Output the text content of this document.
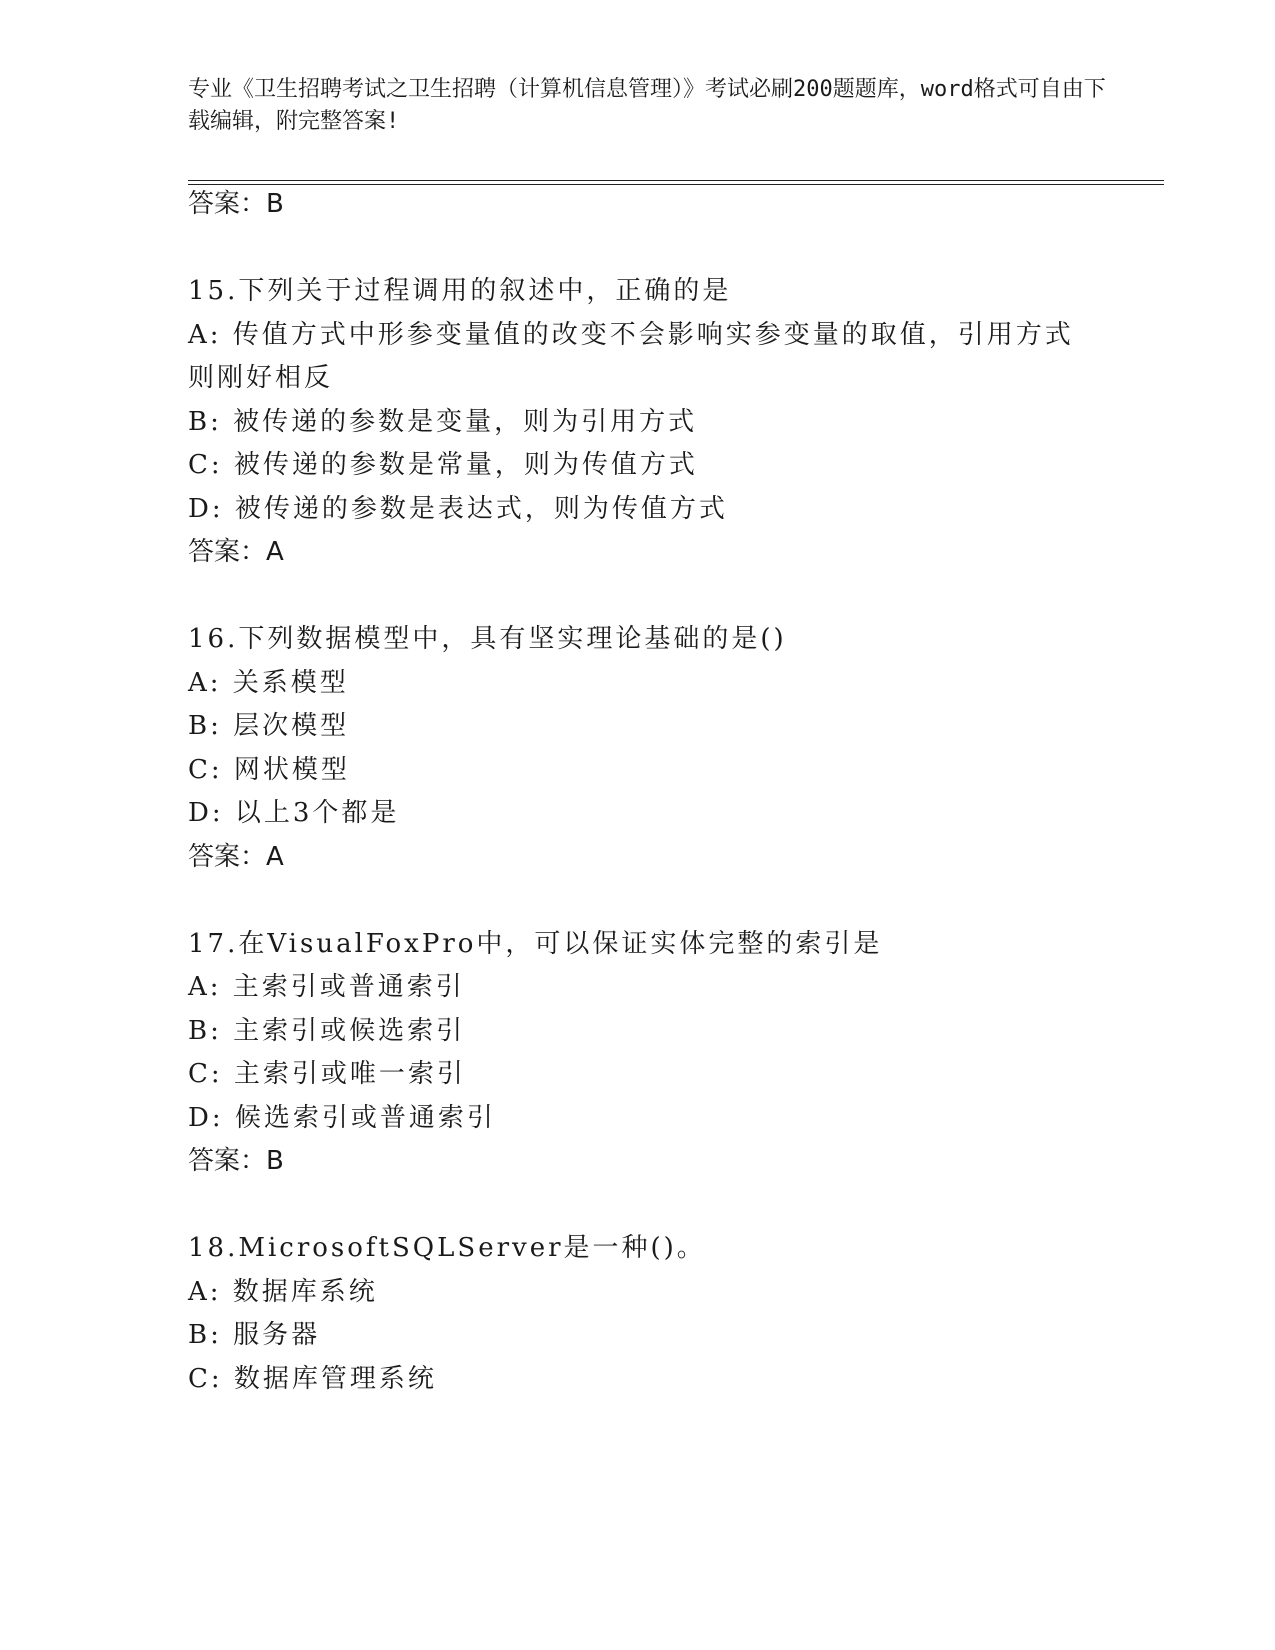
专业《卫生招聘考试之卫生招聘（计算机信息管理）》考试必刷200题题库，word格式可自由下载编辑，附完整答案!
答案：B
15.下列关于过程调用的叙述中，正确的是
A: 传值方式中形参变量值的改变不会影响实参变量的取值，引用方式
则刚好相反
B: 被传递的参数是变量，则为引用方式
C: 被传递的参数是常量，则为传值方式
D: 被传递的参数是表达式，则为传值方式
答案：A
16.下列数据模型中，具有坚实理论基础的是()
A: 关系模型
B: 层次模型
C: 网状模型
D: 以上3个都是
答案：A
17.在VisualFoxPro中，可以保证实体完整的索引是
A: 主索引或普通索引
B: 主索引或候选索引
C: 主索引或唯一索引
D: 候选索引或普通索引
答案：B
18.MicrosoftSQLServer是一种()。
A: 数据库系统
B: 服务器
C: 数据库管理系统
